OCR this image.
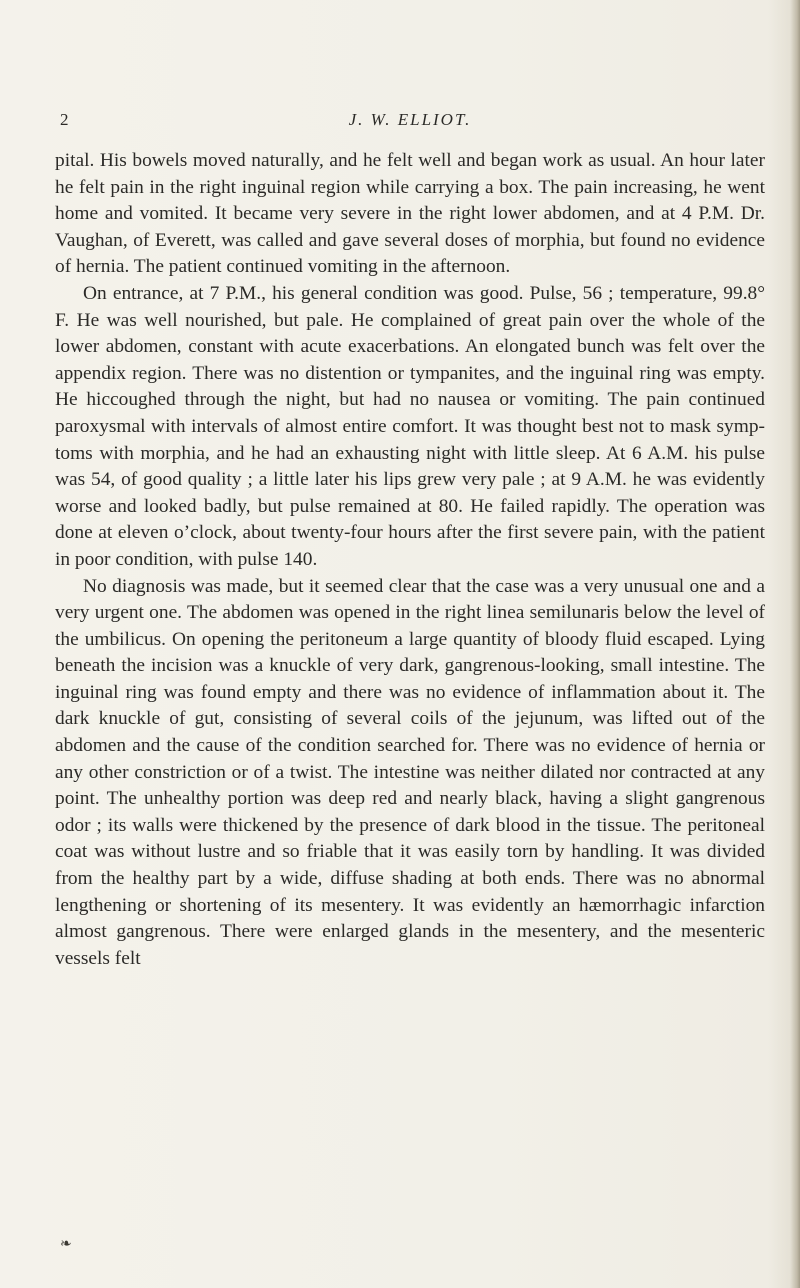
2	J. W. ELLIOT.

pital. His bowels moved naturally, and he felt well and began work as usual. An hour later he felt pain in the right inguinal region while carrying a box. The pain increasing, he went home and vomited. It became very severe in the right lower abdomen, and at 4 P.M. Dr. Vaughan, of Everett, was called and gave several doses of morphia, but found no evidence of hernia. The patient continued vomiting in the afternoon.

On entrance, at 7 P.M., his general condition was good. Pulse, 56 ; temperature, 99.8° F. He was well nourished, but pale. He complained of great pain over the whole of the lower abdomen, constant with acute exacerbations. An elongated bunch was felt over the appendix region. There was no distention or tympanites, and the inguinal ring was empty. He hiccoughed through the night, but had no nausea or vomiting. The pain continued paroxysmal with intervals of almost entire comfort. It was thought best not to mask symptoms with morphia, and he had an exhausting night with little sleep. At 6 A.M. his pulse was 54, of good quality ; a little later his lips grew very pale ; at 9 A.M. he was evidently worse and looked badly, but pulse remained at 80. He failed rapidly. The operation was done at eleven o’clock, about twenty-four hours after the first severe pain, with the patient in poor condition, with pulse 140.

No diagnosis was made, but it seemed clear that the case was a very unusual one and a very urgent one. The abdomen was opened in the right linea semilunaris below the level of the umbilicus. On opening the peritoneum a large quantity of bloody fluid escaped. Lying beneath the incision was a knuckle of very dark, gangrenous-looking, small intestine. The inguinal ring was found empty and there was no evidence of inflammation about it. The dark knuckle of gut, consisting of several coils of the jejunum, was lifted out of the abdomen and the cause of the condition searched for. There was no evidence of hernia or any other constriction or of a twist. The intestine was neither dilated nor contracted at any point. The unhealthy portion was deep red and nearly black, having a slight gangrenous odor ; its walls were thickened by the presence of dark blood in the tissue. The peritoneal coat was without lustre and so friable that it was easily torn by handling. It was divided from the healthy part by a wide, diffuse shading at both ends. There was no abnormal lengthening or shortening of its mesentery. It was evidently an hæmorrhagic infarction almost gangrenous. There were enlarged glands in the mesentery, and the mesenteric vessels felt

❧
